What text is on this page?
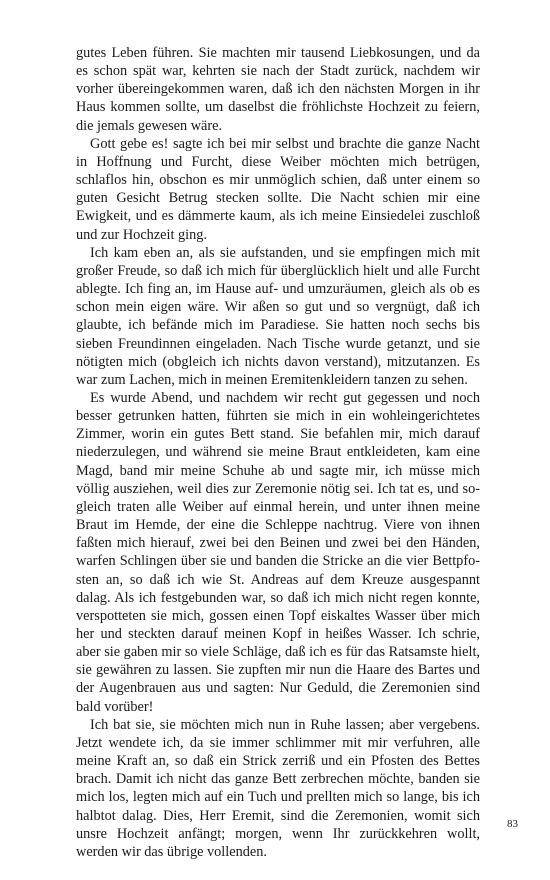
gutes Leben führen. Sie machten mir tausend Liebkosungen, und da es schon spät war, kehrten sie nach der Stadt zurück, nachdem wir vorher übereingekommen waren, daß ich den nächsten Morgen in ihr Haus kommen sollte, um daselbst die fröhlichste Hochzeit zu feiern, die jemals gewesen wäre.

Gott gebe es! sagte ich bei mir selbst und brachte die ganze Nacht in Hoffnung und Furcht, diese Weiber möchten mich betrügen, schlaflos hin, obschon es mir unmöglich schien, daß unter einem so guten Gesicht Betrug stecken sollte. Die Nacht schien mir eine Ewigkeit, und es dämmerte kaum, als ich meine Einsiedelei zuschloß und zur Hochzeit ging.

Ich kam eben an, als sie aufstanden, und sie empfingen mich mit großer Freude, so daß ich mich für überglücklich hielt und alle Furcht ablegte. Ich fing an, im Hause auf- und umzuräumen, gleich als ob es schon mein eigen wäre. Wir aßen so gut und so vergnügt, daß ich glaubte, ich befände mich im Paradiese. Sie hatten noch sechs bis sieben Freundinnen eingeladen. Nach Tische wurde getanzt, und sie nötigten mich (obgleich ich nichts davon verstand), mitzutanzen. Es war zum Lachen, mich in meinen Eremitenkleidern tanzen zu sehen.

Es wurde Abend, und nachdem wir recht gut gegessen und noch besser getrunken hatten, führten sie mich in ein wohleingerichtetes Zimmer, worin ein gutes Bett stand. Sie befahlen mir, mich darauf niederzulegen, und während sie meine Braut entkleideten, kam eine Magd, band mir meine Schuhe ab und sagte mir, ich müsse mich völlig ausziehen, weil dies zur Zeremonie nötig sei. Ich tat es, und sogleich traten alle Weiber auf einmal herein, und unter ihnen meine Braut im Hemde, der eine die Schleppe nachtrug. Viere von ihnen faßten mich hierauf, zwei bei den Beinen und zwei bei den Händen, warfen Schlingen über sie und banden die Stricke an die vier Bettpfosten an, so daß ich wie St. Andreas auf dem Kreuze ausgespannt dalag. Als ich festgebunden war, so daß ich mich nicht regen konnte, verspotteten sie mich, gossen einen Topf eiskaltes Wasser über mich her und steckten darauf meinen Kopf in heißes Wasser. Ich schrie, aber sie gaben mir so viele Schläge, daß ich es für das Ratsamste hielt, sie gewähren zu lassen. Sie zupften mir nun die Haare des Bartes und der Augenbrauen aus und sagten: Nur Geduld, die Zeremonien sind bald vorüber!

Ich bat sie, sie möchten mich nun in Ruhe lassen; aber vergebens. Jetzt wendete ich, da sie immer schlimmer mit mir verfuhren, alle meine Kraft an, so daß ein Strick zerriß und ein Pfosten des Bettes brach. Damit ich nicht das ganze Bett zerbrechen möchte, banden sie mich los, legten mich auf ein Tuch und prellten mich so lange, bis ich halbtot dalag. Dies, Herr Eremit, sind die Zeremonien, womit sich unsre Hochzeit anfängt; morgen, wenn Ihr zurückkehren wollt, werden wir das übrige vollenden.

83
